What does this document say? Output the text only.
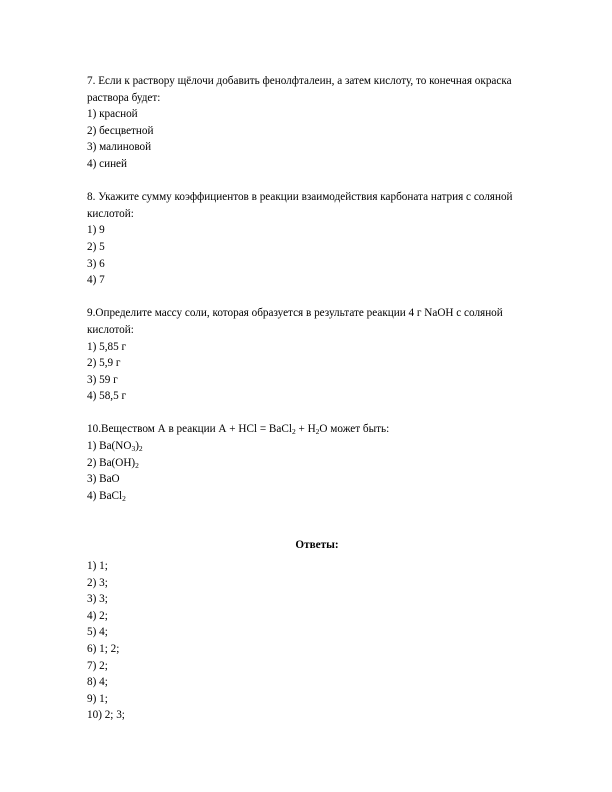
7. Если к раствору щёлочи добавить фенолфталеин, а затем кислоту, то конечная окраска раствора будет:
1) красной
2) бесцветной
3) малиновой
4) синей
8. Укажите сумму коэффициентов в реакции взаимодействия карбоната натрия с соляной кислотой:
1) 9
2) 5
3) 6
4) 7
9.Определите массу соли, которая образуется в результате реакции 4 г NaOH с соляной кислотой:
1) 5,85 г
2) 5,9 г
3) 59 г
4) 58,5 г
10.Веществом А в реакции А + HCl = BaCl$_2$ + $H_2O$ может быть:
1) $Ba(NO_3)_2$
2) $Ba(OH)_2$
3) BaO
4) BaCl$_2$
Ответы:
1) 1;
2) 3;
3) 3;
4) 2;
5) 4;
6) 1; 2;
7) 2;
8) 4;
9) 1;
10) 2; 3;
